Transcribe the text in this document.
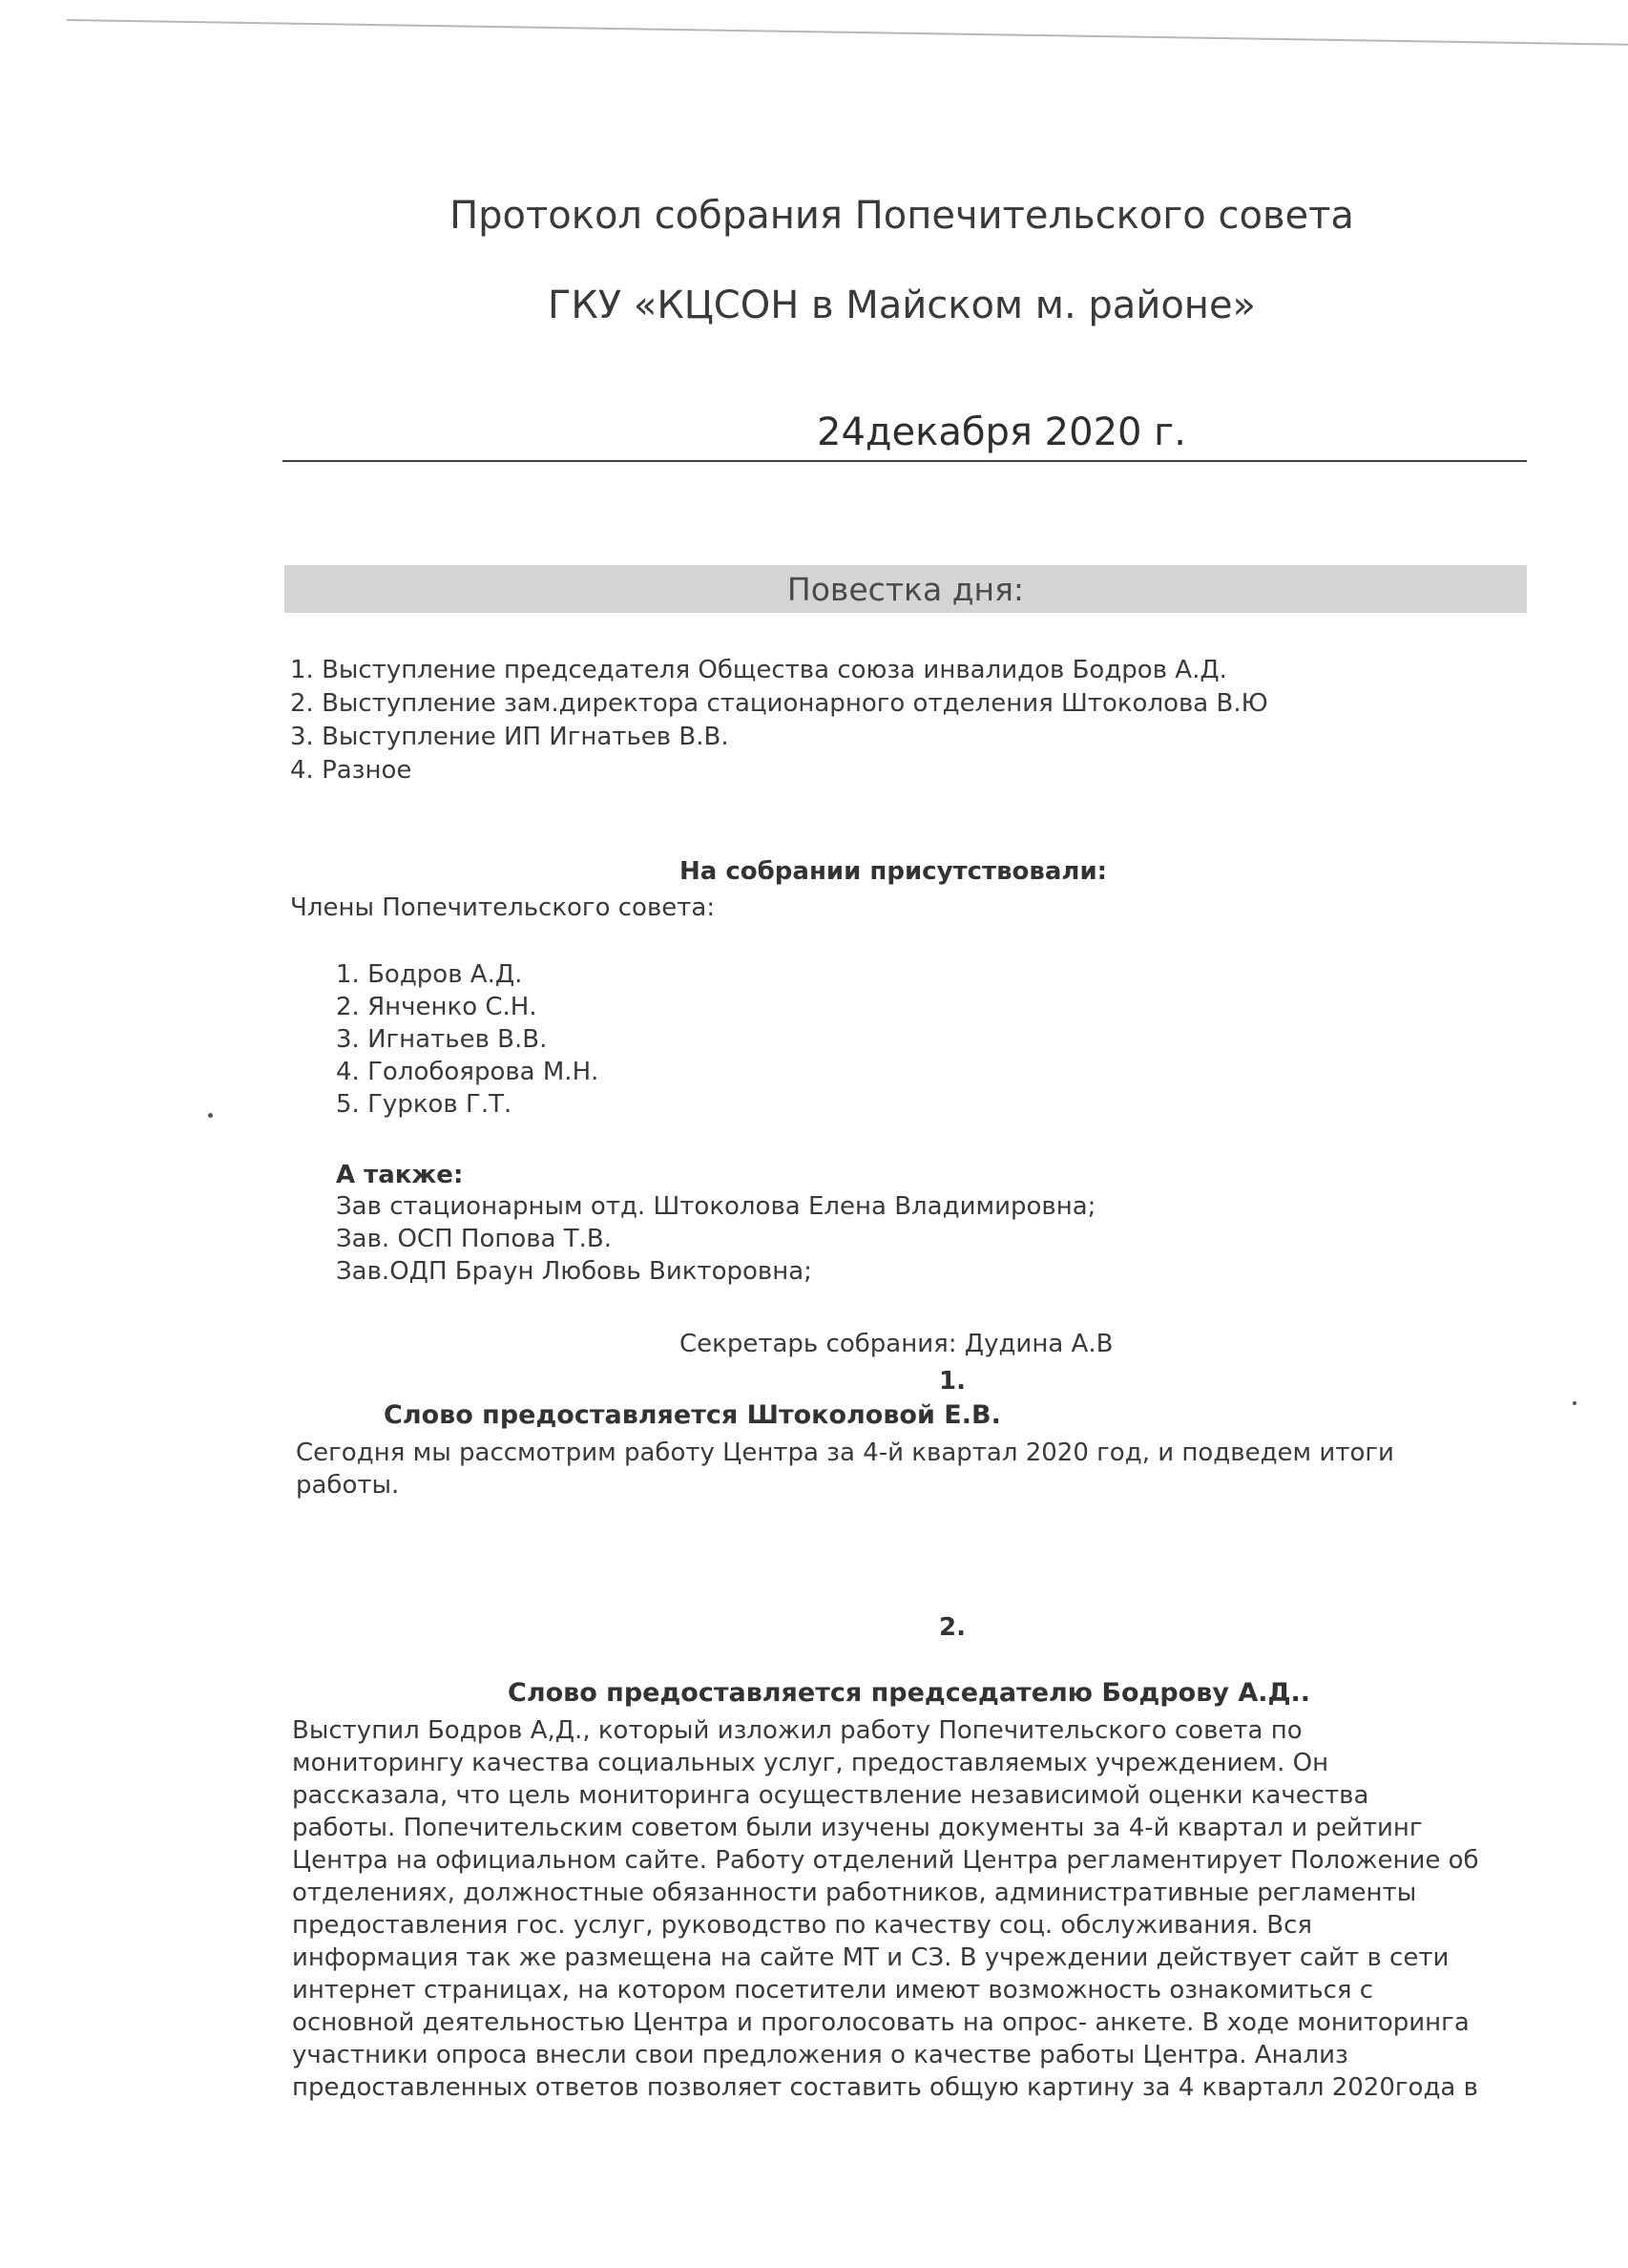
Протокол собрания Попечительского совета
ГКУ «КЦСОН в Майском м. районе»
24декабря 2020 г.
Повестка дня:
1. Выступление председателя Общества союза инвалидов Бодров А.Д.
2. Выступление зам.директора стационарного отделения Штоколова В.Ю
3. Выступление ИП Игнатьев В.В.
4. Разное
На собрании присутствовали:
Члены Попечительского совета:
1. Бодров А.Д.
2. Янченко С.Н.
3. Игнатьев В.В.
4. Голобоярова М.Н.
5. Гурков Г.Т.
А также:
Зав стационарным отд. Штоколова Елена Владимировна;
Зав. ОСП Попова Т.В.
Зав.ОДП Браун Любовь Викторовна;
Секретарь собрания: Дудина А.В
1.
Слово предоставляется Штоколовой Е.В.
Сегодня мы рассмотрим работу Центра за 4-й квартал 2020 год, и подведем итоги
работы.
2.
Слово предоставляется председателю Бодрову А.Д..
Выступил Бодров А,Д., который изложил работу Попечительского совета по
мониторингу качества социальных услуг, предоставляемых учреждением. Он
рассказала, что цель мониторинга осуществление независимой оценки качества
работы. Попечительским советом были изучены документы за 4-й квартал и рейтинг
Центра на официальном сайте. Работу отделений Центра регламентирует Положение об
отделениях, должностные обязанности работников, административные регламенты
предоставления гос. услуг, руководство по качеству соц. обслуживания. Вся
информация так же размещена на сайте МТ и СЗ. В учреждении действует сайт в сети
интернет страницах, на котором посетители имеют возможность ознакомиться с
основной деятельностью Центра и проголосовать на опрос- анкете. В ходе мониторинга
участники опроса внесли свои предложения о качестве работы Центра. Анализ
предоставленных ответов позволяет составить общую картину за 4 кварталл 2020года в
